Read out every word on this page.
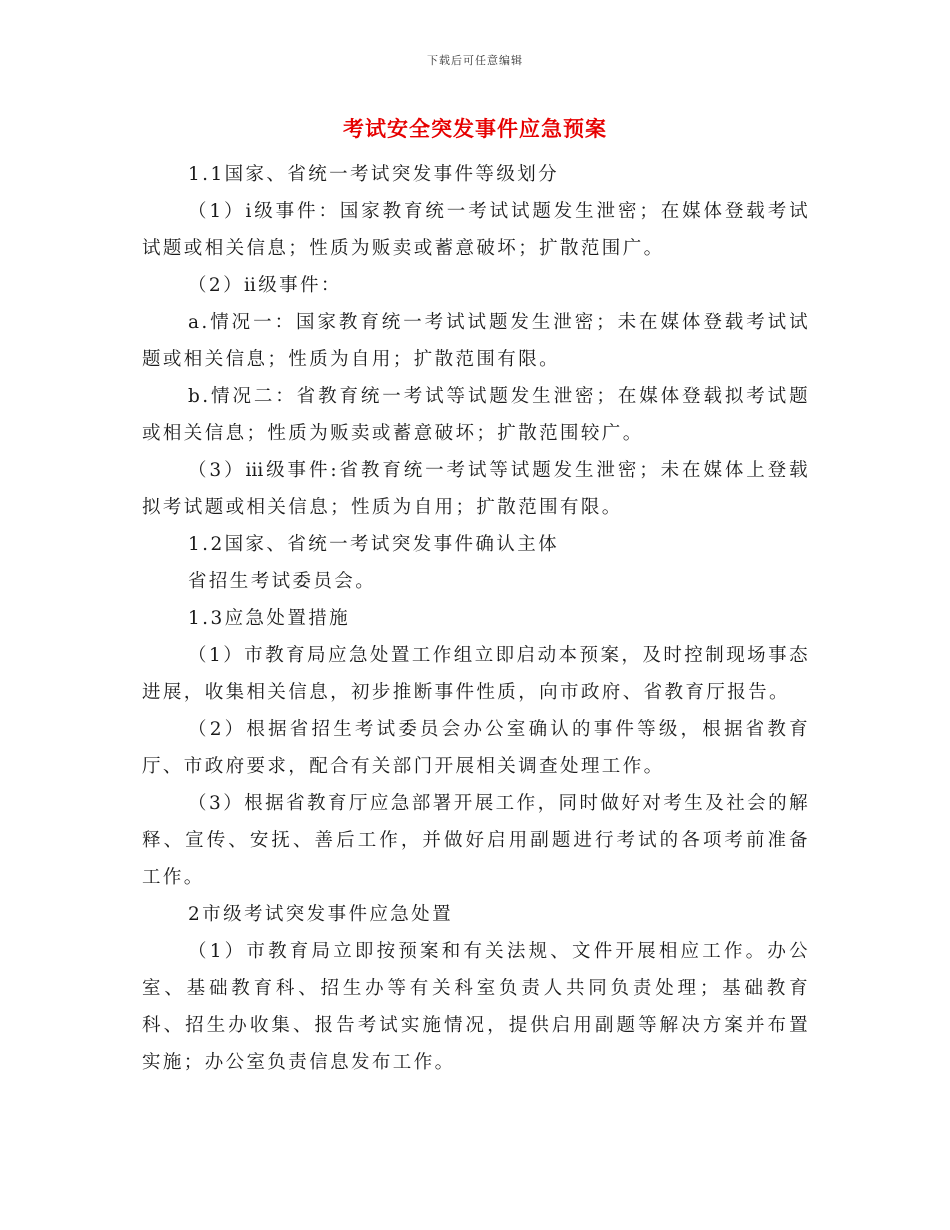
下载后可任意编辑
考试安全突发事件应急预案

1.1国家、省统一考试突发事件等级划分

（1）ⅰ级事件：国家教育统一考试试题发生泄密；在媒体登载考试试题或相关信息；性质为贩卖或蓄意破坏；扩散范围广。

（2）ⅱ级事件：

a.情况一：国家教育统一考试试题发生泄密；未在媒体登载考试试题或相关信息；性质为自用；扩散范围有限。

b.情况二：省教育统一考试等试题发生泄密；在媒体登载拟考试题或相关信息；性质为贩卖或蓄意破坏；扩散范围较广。

（3）ⅲ级事件:省教育统一考试等试题发生泄密；未在媒体上登载拟考试题或相关信息；性质为自用；扩散范围有限。

1.2国家、省统一考试突发事件确认主体

省招生考试委员会。

1.3应急处置措施

（1）市教育局应急处置工作组立即启动本预案，及时控制现场事态进展，收集相关信息，初步推断事件性质，向市政府、省教育厅报告。

（2）根据省招生考试委员会办公室确认的事件等级，根据省教育厅、市政府要求，配合有关部门开展相关调查处理工作。

（3）根据省教育厅应急部署开展工作，同时做好对考生及社会的解释、宣传、安抚、善后工作，并做好启用副题进行考试的各项考前准备工作。

2市级考试突发事件应急处置

（1）市教育局立即按预案和有关法规、文件开展相应工作。办公室、基础教育科、招生办等有关科室负责人共同负责处理；基础教育科、招生办收集、报告考试实施情况，提供启用副题等解决方案并布置实施；办公室负责信息发布工作。
